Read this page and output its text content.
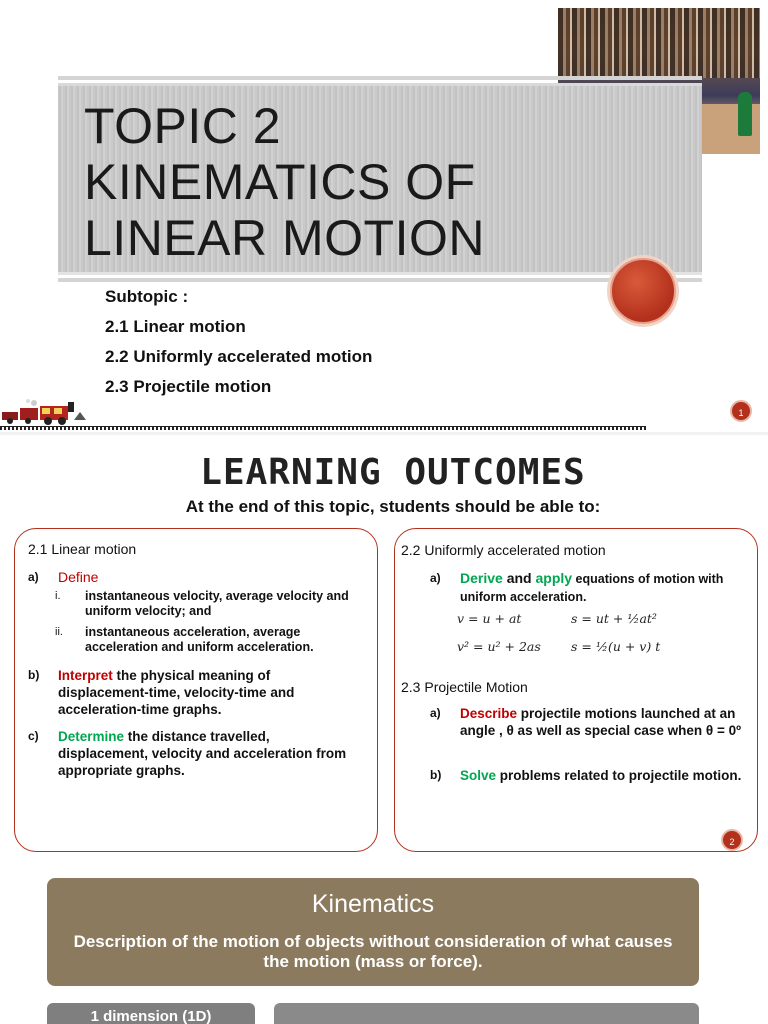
TOPIC 2
KINEMATICS OF
LINEAR MOTION
Subtopic :
2.1 Linear motion
2.2 Uniformly accelerated motion
2.3 Projectile motion
1
LEARNING OUTCOMES
At the end of this topic, students should be able to:
2.1 Linear motion
a) Define
i. instantaneous velocity, average velocity and uniform velocity; and
ii. instantaneous acceleration, average acceleration and uniform acceleration.
b) Interpret the physical meaning of displacement-time, velocity-time and acceleration-time graphs.
c) Determine the distance travelled, displacement, velocity and acceleration from appropriate graphs.
2.2 Uniformly accelerated motion
a) Derive and apply equations of motion with uniform acceleration.
v = u + at	s = ut + ½at²
v² = u² + 2as s = ½(u + v) t
2.3 Projectile Motion
a) Describe projectile motions launched at an angle , θ as well as special case when θ = 0º
b) Solve problems related to projectile motion.
2
Kinematics
Description of the motion of objects without consideration of what causes the motion (mass or force).
1 dimension (1D)
